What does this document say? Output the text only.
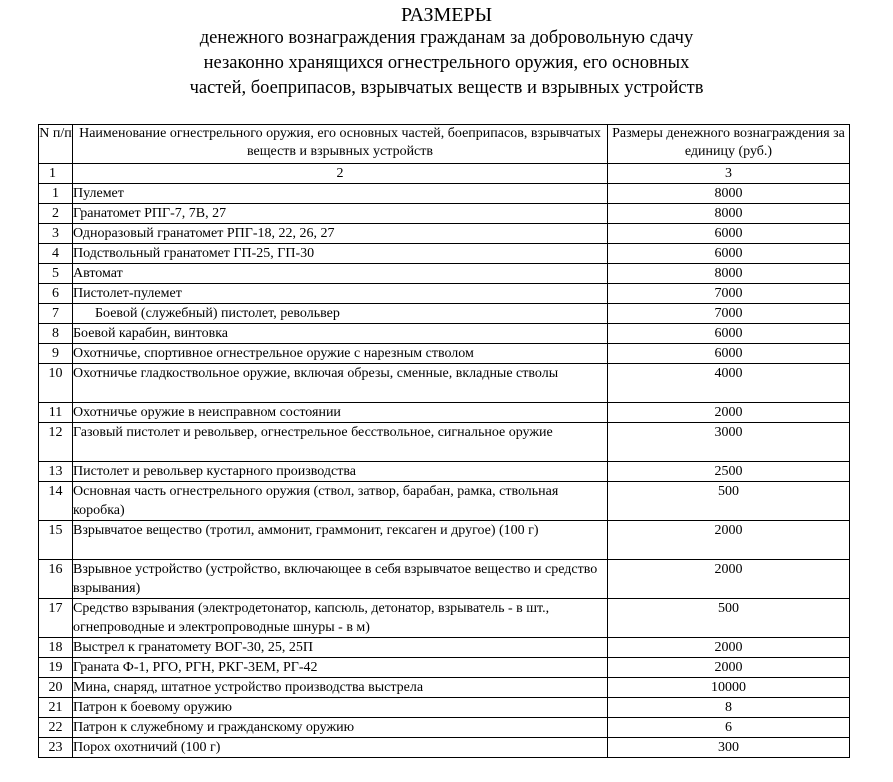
РАЗМЕРЫ

денежного вознаграждения гражданам за добровольную сдачу

незаконно хранящихся огнестрельного оружия, его основных

частей, боеприпасов, взрывчатых веществ и взрывных устройств

N п/п	Наименование огнестрельного оружия, его основных частей, боеприпасов, взрывчатых веществ и взрывных устройств	Размеры денежного вознаграждения за единицу (руб.)
1	2	3
1	Пулемет	8000
2	Гранатомет РПГ-7, 7В, 27	8000
3	Одноразовый гранатомет РПГ-18, 22, 26, 27	6000
4	Подствольный гранатомет ГП-25, ГП-30	6000
5	Автомат	8000
6	Пистолет-пулемет	7000
7	Боевой (служебный) пистолет, револьвер	7000
8	Боевой карабин, винтовка	6000
9	Охотничье, спортивное огнестрельное оружие с нарезным стволом	6000
10	Охотничье гладкоствольное оружие, включая обрезы, сменные, вкладные стволы	4000
11	Охотничье оружие в неисправном состоянии	2000
12	Газовый пистолет и револьвер, огнестрельное бесствольное, сигнальное оружие	3000
13	Пистолет и револьвер кустарного производства	2500
14	Основная часть огнестрельного оружия (ствол, затвор, барабан, рамка, ствольная коробка)	500
15	Взрывчатое вещество (тротил, аммонит, граммонит, гексаген и другое) (100 г)	2000
16	Взрывное устройство (устройство, включающее в себя взрывчатое вещество и средство взрывания)	2000
17	Средство взрывания (электродетонатор, капсюль, детонатор, взрыватель - в шт., огнепроводные и электропроводные шнуры - в м)	500
18	Выстрел к гранатомету ВОГ-30, 25, 25П	2000
19	Граната Ф-1, РГО, РГН, РКГ-3ЕМ, РГ-42	2000
20	Мина, снаряд, штатное устройство производства выстрела	10000
21	Патрон к боевому оружию	8
22	Патрон к служебному и гражданскому оружию	6
23	Порох охотничий (100 г)	300
